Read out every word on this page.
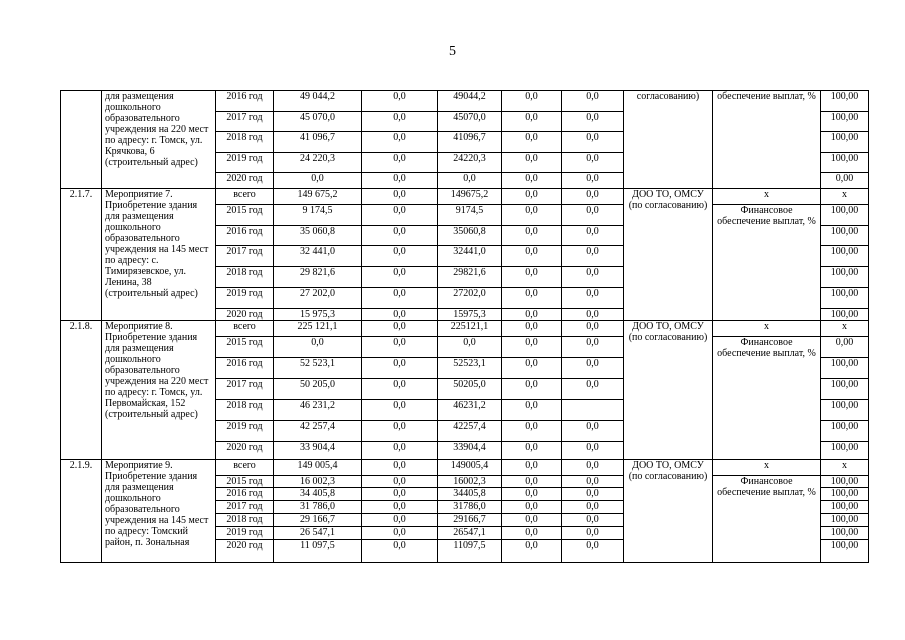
5
	для размещения дошкольного образовательного учреждения на 220 мест по адресу: г. Томск, ул. Крячкова, 6 (строительный адрес)	2016 год	49 044,2	0,0	49044,2	0,0	0,0	согласованию)	обеспечение выплат, %	100,00
		2017 год	45 070,0	0,0	45070,0	0,0	0,0			100,00
		2018 год	41 096,7	0,0	41096,7	0,0	0,0			100,00
		2019 год	24 220,3	0,0	24220,3	0,0	0,0			100,00
		2020 год	0,0	0,0	0,0	0,0	0,0			0,00
2.1.7.	Мероприятие 7. Приобретение здания для размещения дошкольного образовательного учреждения на 145 мест по адресу: с. Тимирязевское, ул. Ленина, 38 (строительный адрес)	всего	149 675,2	0,0	149675,2	0,0	0,0	ДОО ТО, ОМСУ (по согласованию)	х	х
		2015 год	9 174,5	0,0	9174,5	0,0	0,0		Финансовое обеспечение выплат, %	100,00
		2016 год	35 060,8	0,0	35060,8	0,0	0,0			100,00
		2017 год	32 441,0	0,0	32441,0	0,0	0,0			100,00
		2018 год	29 821,6	0,0	29821,6	0,0	0,0			100,00
		2019 год	27 202,0	0,0	27202,0	0,0	0,0			100,00
		2020 год	15 975,3	0,0	15975,3	0,0	0,0			100,00
2.1.8.	Мероприятие 8. Приобретение здания для размещения дошкольного образовательного учреждения на 220 мест по адресу: г. Томск, ул. Первомайская, 152 (строительный адрес)	всего	225 121,1	0,0	225121,1	0,0	0,0	ДОО ТО, ОМСУ (по согласованию)	х	х
		2015 год	0,0	0,0	0,0	0,0	0,0		Финансовое обеспечение выплат, %	0,00
		2016 год	52 523,1	0,0	52523,1	0,0	0,0			100,00
		2017 год	50 205,0	0,0	50205,0	0,0	0,0			100,00
		2018 год	46 231,2	0,0	46231,2	0,0				100,00
		2019 год	42 257,4	0,0	42257,4	0,0	0,0			100,00
		2020 год	33 904,4	0,0	33904,4	0,0	0,0			100,00
2.1.9.	Мероприятие 9. Приобретение здания для размещения дошкольного образовательного учреждения на 145 мест по адресу: Томский район, п. Зональная	всего	149 005,4	0,0	149005,4	0,0	0,0	ДОО ТО, ОМСУ (по согласованию)	х	х
		2015 год	16 002,3	0,0	16002,3	0,0	0,0		Финансовое обеспечение выплат, %	100,00
		2016 год	34 405,8	0,0	34405,8	0,0	0,0			100,00
		2017 год	31 786,0	0,0	31786,0	0,0	0,0			100,00
		2018 год	29 166,7	0,0	29166,7	0,0	0,0			100,00
		2019 год	26 547,1	0,0	26547,1	0,0	0,0			100,00
		2020 год	11 097,5	0,0	11097,5	0,0	0,0			100,00
